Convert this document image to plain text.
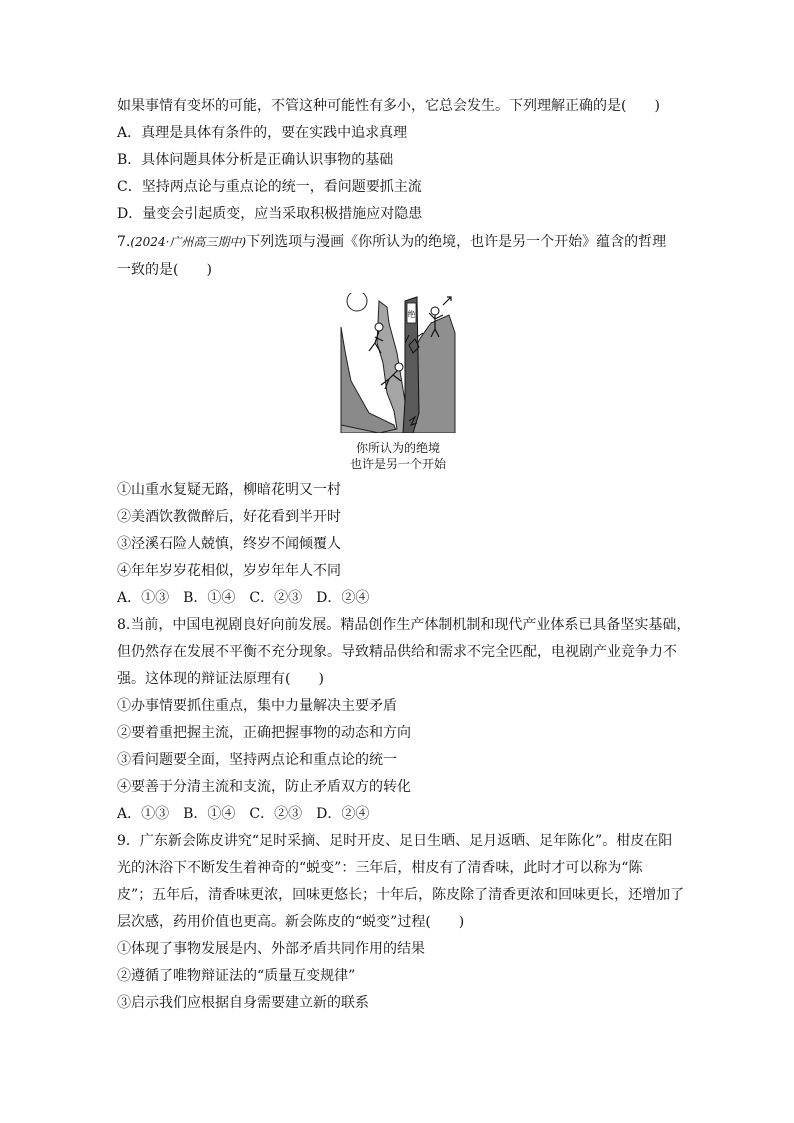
如果事情有变坏的可能，不管这种可能性有多小，它总会发生。下列理解正确的是(　　)
A．真理是具体有条件的，要在实践中追求真理
B．具体问题具体分析是正确认识事物的基础
C．坚持两点论与重点论的统一，看问题要抓主流
D．量变会引起质变，应当采取积极措施应对隐患
7.(2024·广州高三期中)下列选项与漫画《你所认为的绝境，也许是另一个开始》蕴含的哲理
一致的是(　　)
绝
你所认为的绝境
也许是另一个开始
①山重水复疑无路，柳暗花明又一村
②美酒饮教微醉后，好花看到半开时
③泾溪石险人兢慎，终岁不闻倾覆人
④年年岁岁花相似，岁岁年年人不同
A．①③　B．①④　C．②③　D．②④
8.当前，中国电视剧良好向前发展。精品创作生产体制机制和现代产业体系已具备坚实基础，
但仍然存在发展不平衡不充分现象。导致精品供给和需求不完全匹配，电视剧产业竞争力不
强。这体现的辩证法原理有(　　)
①办事情要抓住重点，集中力量解决主要矛盾
②要着重把握主流，正确把握事物的动态和方向
③看问题要全面，坚持两点论和重点论的统一
④要善于分清主流和支流，防止矛盾双方的转化
A．①③　B．①④　C．②③　D．②④
9．广东新会陈皮讲究“足时采摘、足时开皮、足日生晒、足月返晒、足年陈化”。柑皮在阳
光的沐浴下不断发生着神奇的“蜕变”：三年后，柑皮有了清香味，此时才可以称为“陈
皮”；五年后，清香味更浓，回味更悠长；十年后，陈皮除了清香更浓和回味更长，还增加了
层次感，药用价值也更高。新会陈皮的“蜕变”过程(　　)
①体现了事物发展是内、外部矛盾共同作用的结果
②遵循了唯物辩证法的“质量互变规律”
③启示我们应根据自身需要建立新的联系
